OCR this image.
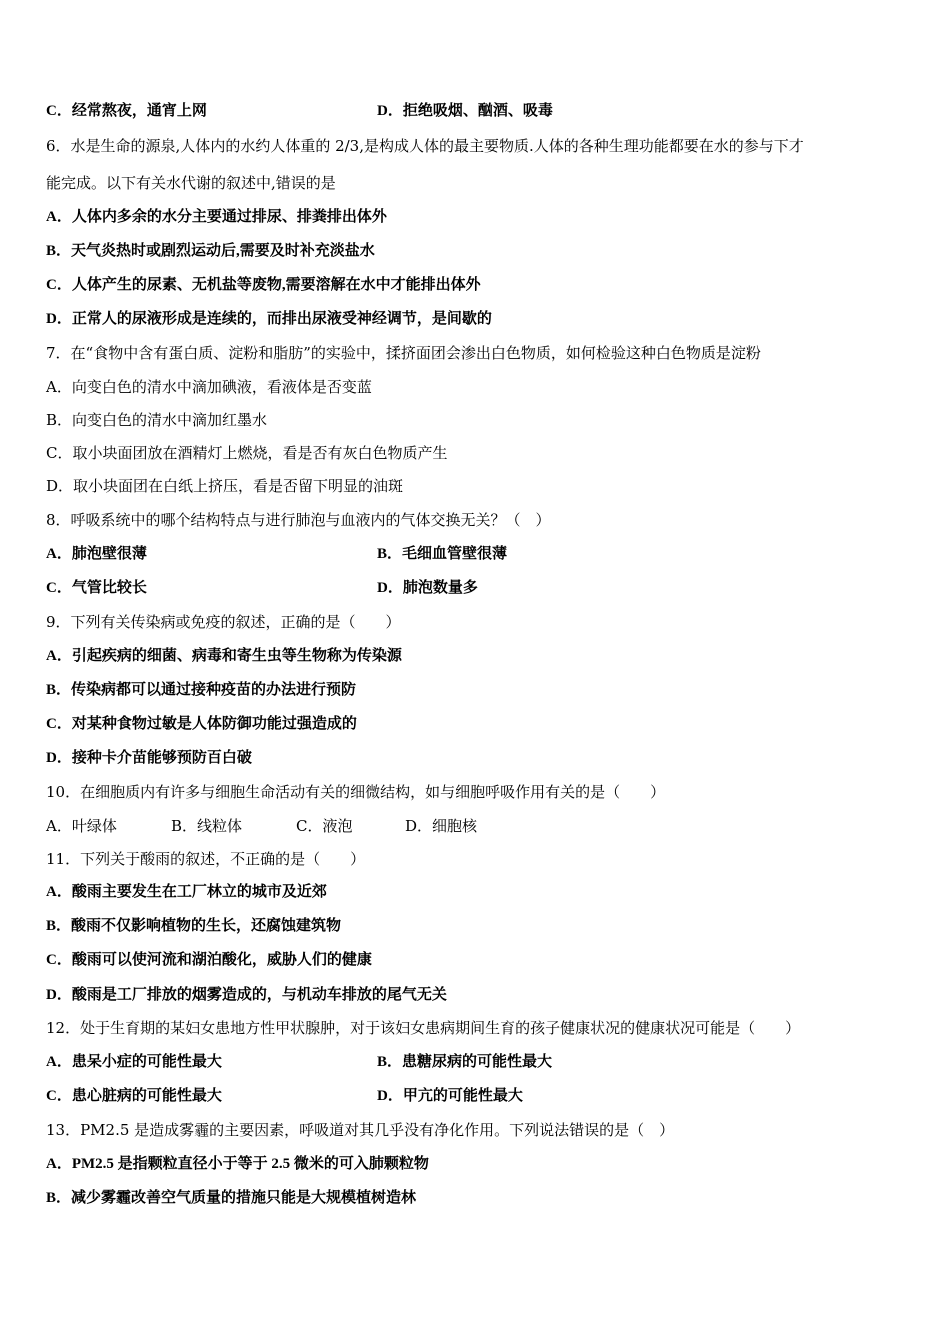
C．经常熬夜，通宵上网	D．拒绝吸烟、酗酒、吸毒
6．水是生命的源泉,人体内的水约人体重的 2/3,是构成人体的最主要物质.人体的各种生理功能都要在水的参与下才
能完成。以下有关水代谢的叙述中,错误的是
A．人体内多余的水分主要通过排尿、排粪排出体外
B．天气炎热时或剧烈运动后,需要及时补充淡盐水
C．人体产生的尿素、无机盐等废物,需要溶解在水中才能排出体外
D．正常人的尿液形成是连续的，而排出尿液受神经调节，是间歇的
7．在“食物中含有蛋白质、淀粉和脂肪”的实验中，揉挤面团会渗出白色物质，如何检验这种白色物质是淀粉
A．向变白色的清水中滴加碘液，看液体是否变蓝
B．向变白色的清水中滴加红墨水
C．取小块面团放在酒精灯上燃烧，看是否有灰白色物质产生
D．取小块面团在白纸上挤压，看是否留下明显的油斑
8．呼吸系统中的哪个结构特点与进行肺泡与血液内的气体交换无关？（　）
A．肺泡壁很薄	B．毛细血管壁很薄
C．气管比较长	D．肺泡数量多
9．下列有关传染病或免疫的叙述，正确的是（　　）
A．引起疾病的细菌、病毒和寄生虫等生物称为传染源
B．传染病都可以通过接种疫苗的办法进行预防
C．对某种食物过敏是人体防御功能过强造成的
D．接种卡介苗能够预防百白破
10．在细胞质内有许多与细胞生命活动有关的细微结构，如与细胞呼吸作用有关的是（　　）
A．叶绿体	B．线粒体	C．液泡	D．细胞核
11．下列关于酸雨的叙述，不正确的是（　　）
A．酸雨主要发生在工厂林立的城市及近郊
B．酸雨不仅影响植物的生长，还腐蚀建筑物
C．酸雨可以使河流和湖泊酸化，威胁人们的健康
D．酸雨是工厂排放的烟雾造成的，与机动车排放的尾气无关
12．处于生育期的某妇女患地方性甲状腺肿，对于该妇女患病期间生育的孩子健康状况的健康状况可能是（　　）
A．患呆小症的可能性最大	B．患糖尿病的可能性最大
C．患心脏病的可能性最大	D．甲亢的可能性最大
13．PM2.5 是造成雾霾的主要因素，呼吸道对其几乎没有净化作用。下列说法错误的是（　）
A．PM2.5 是指颗粒直径小于等于 2.5 微米的可入肺颗粒物
B．减少雾霾改善空气质量的措施只能是大规模植树造林
